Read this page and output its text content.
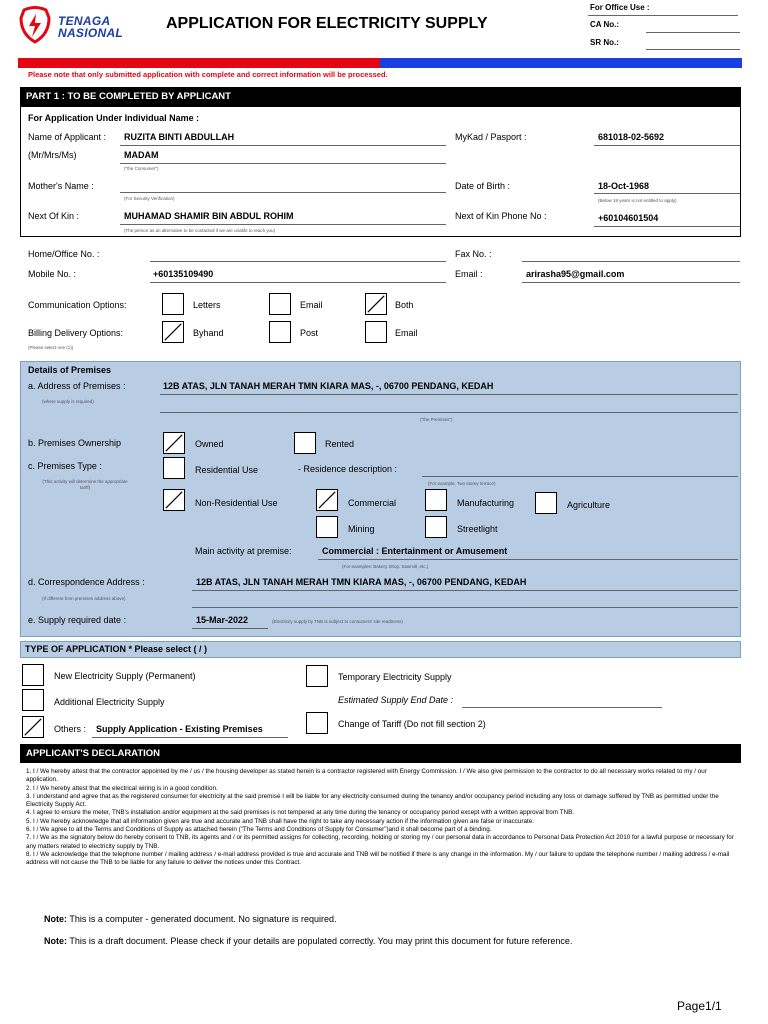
TENAGA
NASIONAL
APPLICATION FOR ELECTRICITY SUPPLY
For Office Use :
CA No.:
SR No.:
Please note that only submitted application with complete and correct information will be processed.
PART 1 : TO BE COMPLETED BY APPLICANT
For Application Under Individual Name :
Name of Applicant : RUZITA BINTI ABDULLAH
(Mr/Mrs/Ms)	MADAM
("the Consumer")
MyKad / Pasport :	681018-02-5692
Mother's Name :
(For Security Verification)
Date of Birth :	18-Oct-1968
(Below 18 years is not entitled to apply)
Next Of Kin :	MUHAMAD SHAMIR BIN ABDUL ROHIM
(The person as an alternative to be contacted if we are unable to reach you)
Next of Kin Phone No :	+60104601504
Home/Office No. :	Fax No. :
Mobile No. :	+60135109490	Email :	arirasha95@gmail.com
Communication Options:	Letters	Email	Both
Billing Delivery Options:	Byhand	Post	Email
(Please select one (1))
Details of Premises
a. Address of Premises :	12B ATAS, JLN TANAH MERAH TMN KIARA MAS, -, 06700 PENDANG, KEDAH
(where supply is required)
("the Premises")
b. Premises Ownership	Owned	Rented
c. Premises Type :
(This activity will determine the appropriate tariff)
Residential Use	- Residence description :
(For example, Two storey terrace)
Non-Residential Use	Commercial	Manufacturing	Agriculture
Mining	Streetlight
Main activity at premise:	Commercial : Entertainment or Amusement
(For examples: Bakery Shop, Sawmill, etc.)
d. Correspondence Address :	12B ATAS, JLN TANAH MERAH TMN KIARA MAS, -, 06700 PENDANG, KEDAH
(If different from premises address above)
e. Supply required date :	15-Mar-2022	(Electricity supply by TNB is subject to consumers' site readiness)
TYPE OF APPLICATION * Please select ( / )
New Electricity Supply (Permanent)	Temporary Electricity Supply
Additional Electricity Supply	Estimated Supply End Date :
Others : Supply Application - Existing Premises	Change of Tariff (Do not fill section 2)
APPLICANT'S DECLARATION

1. I / We hereby attest that the contractor appointed by me / us / the housing developer as stated herein is a contractor registered with Energy Commission. I / We also give permission to the contractor to do all necessary works related to my / our application.

2. I / We hereby attest that the electrical wiring is in a good condition.

3. I understand and agree that as the registered consumer for electricity at the said premise I will be liable for any electricity consumed during the tenancy and/or occupancy period including any loss or damage suffered by TNB as permitted under the Electricity Supply Act.

4. I agree to ensure the meter, TNB's installation and/or equipment at the said premises is not tempered at any time during the tenancy or occupancy period except with a written approval from TNB.

5. I / We hereby acknowledge that all information given are true and accurate and TNB shall have the right to take any necessary action if the information given are false or inaccurate.

6. I / We agree to all the Terms and Conditions of Supply as attached herein ("The Terms and Conditions of Supply for Consumer")and it shall become part of a binding.

7. I / We as the signatory below do hereby consent to TNB, its agents and / or its permitted assigns for collecting, recording, holding or storing my / our personal data in accordance to Personal Data Protection Act 2010 for a lawful purpose or necessary for any matters related to electricity supply by TNB.

8. I / We acknowledge that the telephone number / mailing address / e-mail address provided is true and accurate and TNB will be notified if there is any change in the information. My / our failure to update the telephone number / mailing address / e-mail address will not cause the TNB to be liable for any failure to deliver the notices under this Contract.

Note: This is a computer - generated document. No signature is required.
Note: This is a draft document. Please check if your details are populated correctly. You may print this document for future reference.
Page1/1
